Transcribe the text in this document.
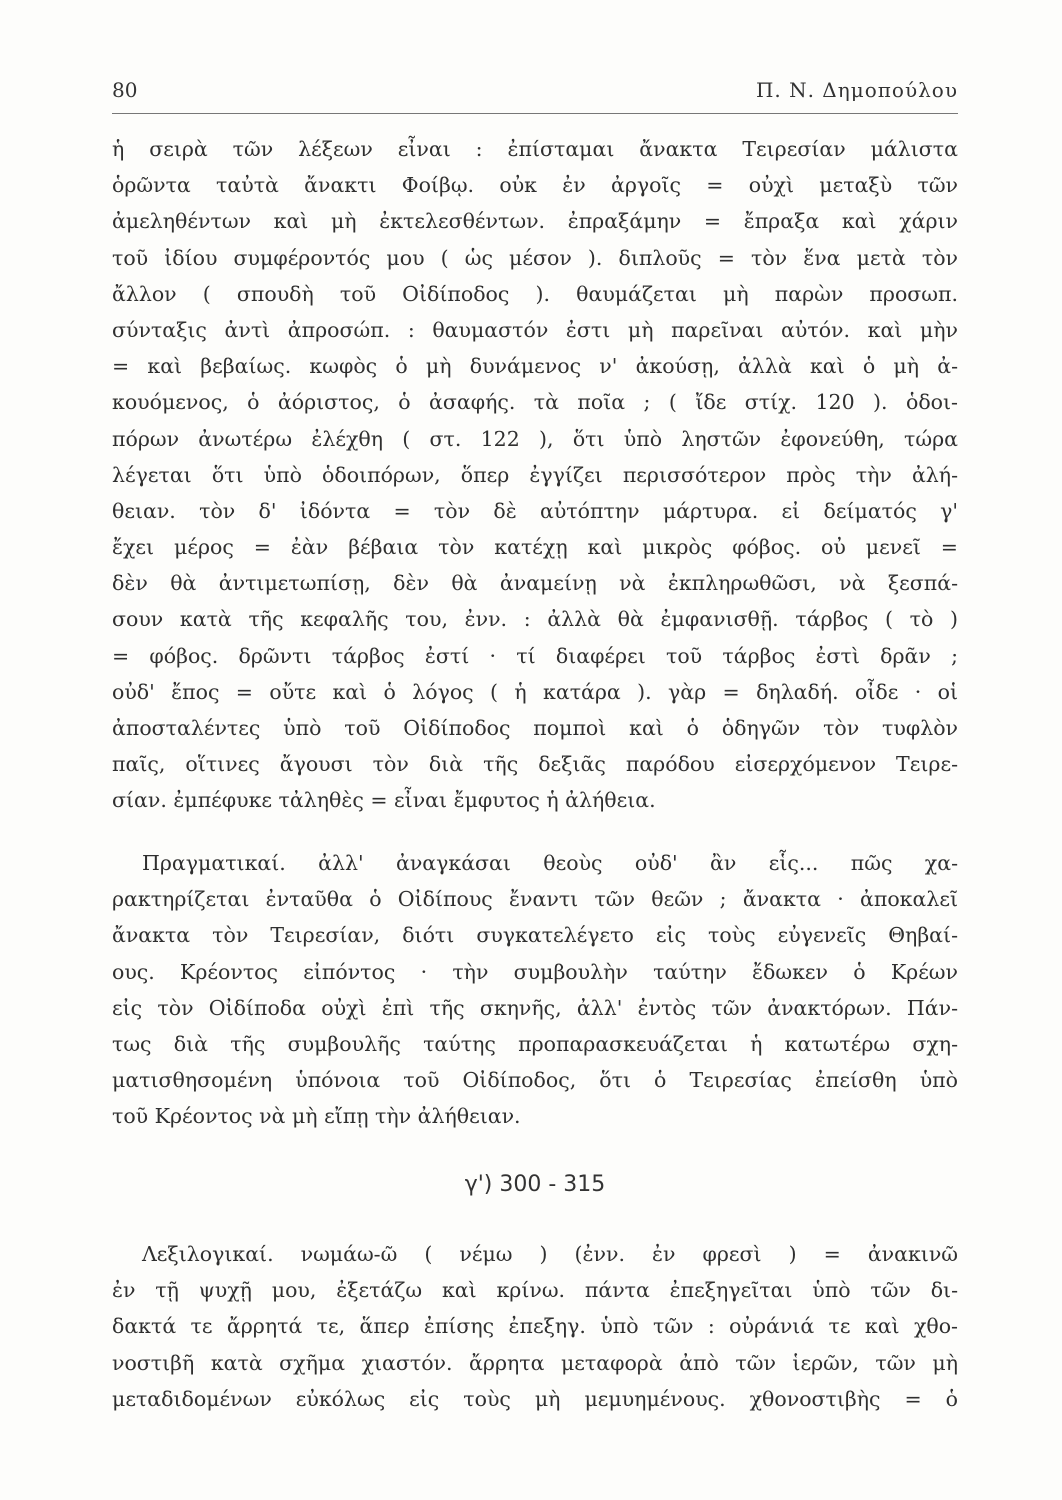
80	Π. Ν. Δημοπούλου
ἡ σειρὰ τῶν λέξεων εἶναι : ἐπίσταμαι ἄνακτα Τειρεσίαν μάλιστα
ὁρῶντα ταὐτὰ ἄνακτι Φοίβῳ. οὐκ ἐν ἀργοῖς = οὐχὶ μεταξὺ τῶν
ἀμεληθέντων καὶ μὴ ἐκτελεσθέντων. ἐπραξάμην = ἔπραξα καὶ χάριν
τοῦ ἰδίου συμφέροντός μου ( ὡς μέσον ). διπλοῦς = τὸν ἕνα μετὰ τὸν
ἄλλον ( σπουδὴ τοῦ Οἰδίποδος ). θαυμάζεται μὴ παρὼν προσωπ.
σύνταξις ἀντὶ ἀπροσώπ. : θαυμαστόν ἐστι μὴ παρεῖναι αὐτόν. καὶ μὴν
= καὶ βεβαίως. κωφὸς ὁ μὴ δυνάμενος ν' ἀκούσῃ, ἀλλὰ καὶ ὁ μὴ ἀ-
κουόμενος, ὁ ἀόριστος, ὁ ἀσαφής. τὰ ποῖα ; ( ἴδε στίχ. 120 ). ὁδοι-
πόρων ἀνωτέρω ἐλέχθη ( στ. 122 ), ὅτι ὑπὸ ληστῶν ἐφονεύθη, τώρα
λέγεται ὅτι ὑπὸ ὁδοιπόρων, ὅπερ ἐγγίζει περισσότερον πρὸς τὴν ἀλή-
θειαν. τὸν δ' ἰδόντα = τὸν δὲ αὐτόπτην μάρτυρα. εἰ δείματός γ'
ἔχει μέρος = ἐὰν βέβαια τὸν κατέχῃ καὶ μικρὸς φόβος. οὐ μενεῖ =
δὲν θὰ ἀντιμετωπίσῃ, δὲν θὰ ἀναμείνῃ νὰ ἐκπληρωθῶσι, νὰ ξεσπά-
σουν κατὰ τῆς κεφαλῆς του, ἐνν. : ἀλλὰ θὰ ἐμφανισθῇ. τάρβος ( τὸ )
= φόβος. δρῶντι τάρβος ἐστί · τί διαφέρει τοῦ τάρβος ἐστὶ δρᾶν ;
οὐδ' ἔπος = οὔτε καὶ ὁ λόγος ( ἡ κατάρα ). γὰρ = δηλαδή. οἶδε · οἱ
ἀποσταλέντες ὑπὸ τοῦ Οἰδίποδος πομποὶ καὶ ὁ ὁδηγῶν τὸν τυφλὸν
παῖς, οἵτινες ἄγουσι τὸν διὰ τῆς δεξιᾶς παρόδου εἰσερχόμενον Τειρε-
σίαν. ἐμπέφυκε τἀληθὲς = εἶναι ἔμφυτος ἡ ἀλήθεια.
Πραγματικαί. ἀλλ' ἀναγκάσαι θεοὺς οὐδ' ἂν εἷς... πῶς χα-
ρακτηρίζεται ἐνταῦθα ὁ Οἰδίπους ἔναντι τῶν θεῶν ; ἄνακτα · ἀποκαλεῖ
ἄνακτα τὸν Τειρεσίαν, διότι συγκατελέγετο εἰς τοὺς εὐγενεῖς Θηβαί-
ους. Κρέοντος εἰπόντος · τὴν συμβουλὴν ταύτην ἔδωκεν ὁ Κρέων
εἰς τὸν Οἰδίποδα οὐχὶ ἐπὶ τῆς σκηνῆς, ἀλλ' ἐντὸς τῶν ἀνακτόρων. Πάν-
τως διὰ τῆς συμβουλῆς ταύτης προπαρασκευάζεται ἡ κατωτέρω σχη-
ματισθησομένη ὑπόνοια τοῦ Οἰδίποδος, ὅτι ὁ Τειρεσίας ἐπείσθη ὑπὸ
τοῦ Κρέοντος νὰ μὴ εἴπῃ τὴν ἀλήθειαν.
γ') 300 - 315
Λεξιλογικαί. νωμάω-ῶ ( νέμω ) (ἐνν. ἐν φρεσὶ ) = ἀνακινῶ
ἐν τῇ ψυχῇ μου, ἐξετάζω καὶ κρίνω. πάντα ἐπεξηγεῖται ὑπὸ τῶν δι-
δακτά τε ἄρρητά τε, ἅπερ ἐπίσης ἐπεξηγ. ὑπὸ τῶν : οὐράνιά τε καὶ χθο-
νοστιβῆ κατὰ σχῆμα χιαστόν. ἄρρητα μεταφορὰ ἀπὸ τῶν ἱερῶν, τῶν μὴ
μεταδιδομένων εὐκόλως εἰς τοὺς μὴ μεμυημένους. χθονοστιβὴς = ὁ
